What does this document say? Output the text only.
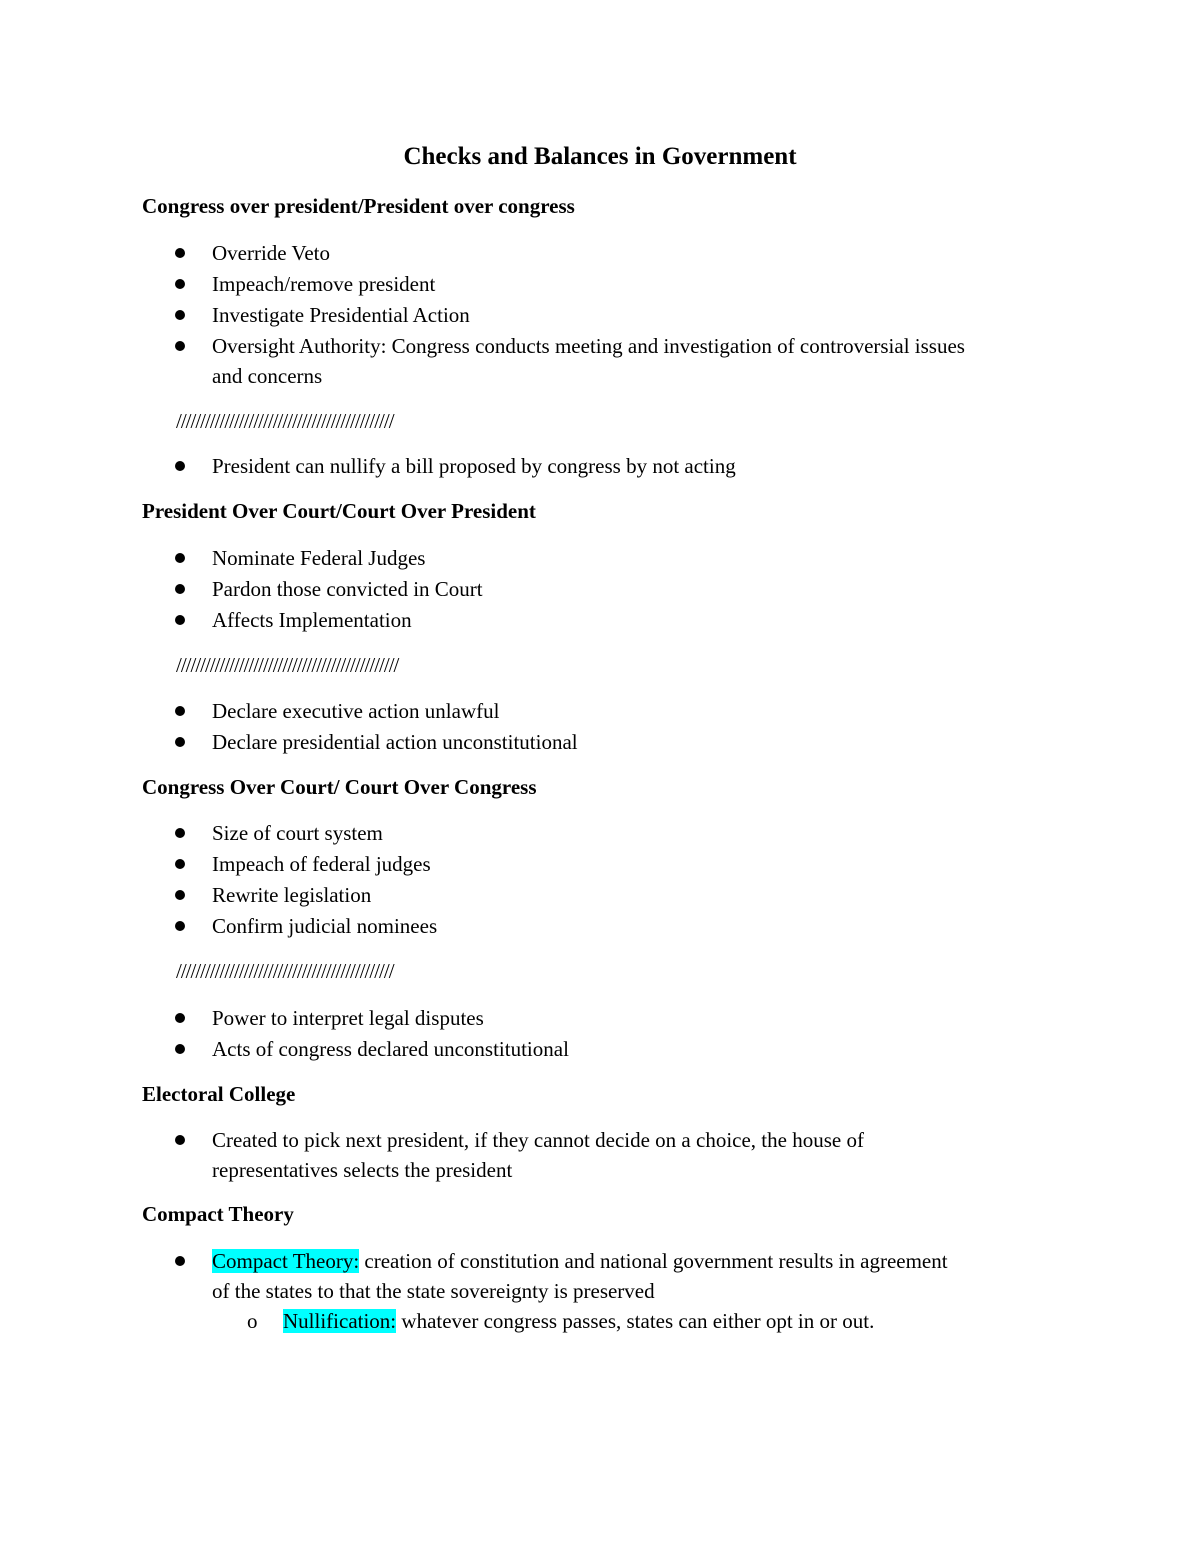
Checks and Balances in Government
Congress over president/President over congress
Override Veto
Impeach/remove president
Investigate Presidential Action
Oversight Authority: Congress conducts meeting and investigation of controversial issues
and concerns
/////////////////////////////////////////////
President can nullify a bill proposed by congress by not acting
President Over Court/Court Over President
Nominate Federal Judges
Pardon those convicted in Court
Affects Implementation
//////////////////////////////////////////////
Declare executive action unlawful
Declare presidential action unconstitutional
Congress Over Court/ Court Over Congress
Size of court system
Impeach of federal judges
Rewrite legislation
Confirm judicial nominees
/////////////////////////////////////////////
Power to interpret legal disputes
Acts of congress declared unconstitutional
Electoral College
Created to pick next president, if they cannot decide on a choice, the house of
representatives selects the president
Compact Theory
Compact Theory: creation of constitution and national government results in agreement
of the states to that the state sovereignty is preserved
o Nullification: whatever congress passes, states can either opt in or out.
